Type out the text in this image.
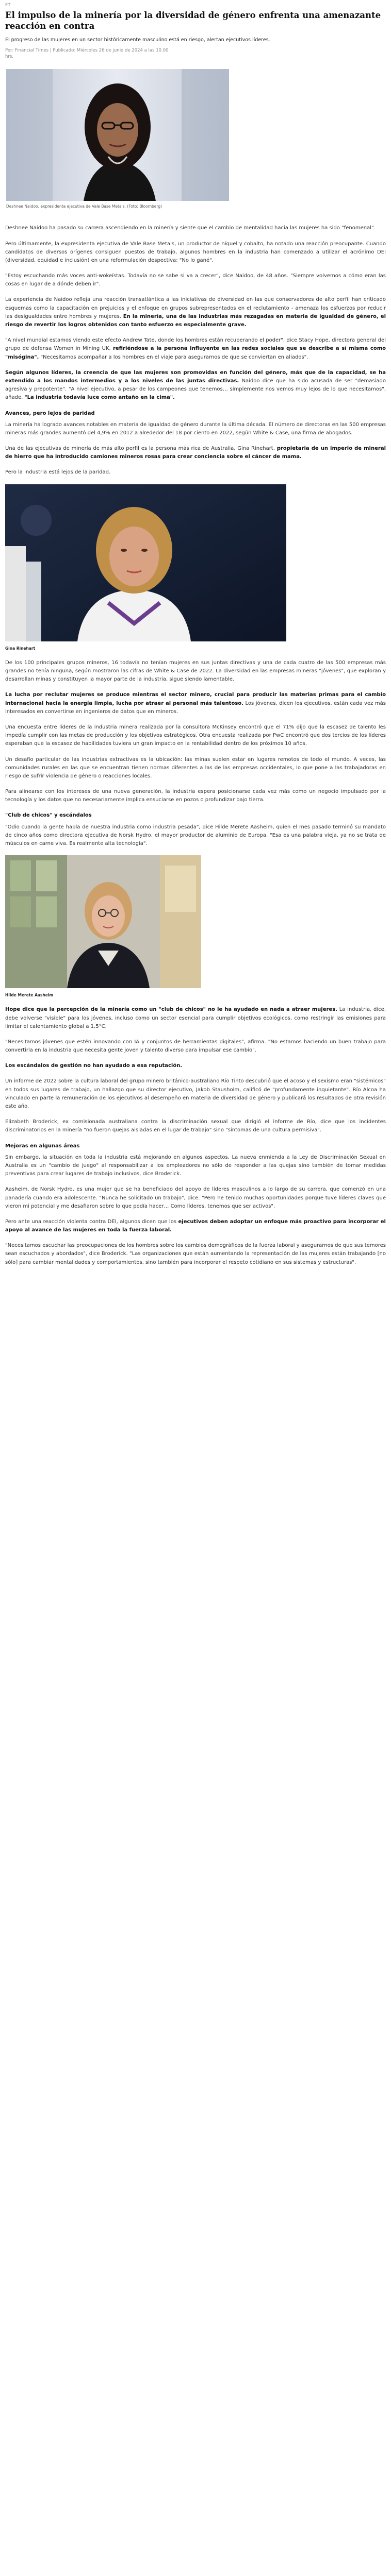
ET
El impulso de la minería por la diversidad de género enfrenta una amenazante reacción en contra

El progreso de las mujeres en un sector históricamente masculino está en riesgo, alertan ejecutivos líderes.

Por: Financial Times | Publicado: Miércoles 26 de junio de 2024 a las 10.00 hrs.

Deshnee Naidoo, expresidenta ejecutiva de Vale Base Metals. (Foto: Bloomberg)

Deshnee Naidoo ha pasado su carrera ascendiendo en la minería y siente que el cambio de mentalidad hacia las mujeres ha sido "fenomenal".

Pero últimamente, la expresidenta ejecutiva de Vale Base Metals, un productor de níquel y cobalto, ha notado una reacción preocupante. Cuando candidatos de diversos orígenes consiguen puestos de trabajo, algunos hombres en la industria han comenzado a utilizar el acrónimo DEI (diversidad, equidad e inclusión) en una reformulación despectiva: "No lo gané".

"Estoy escuchando más voces anti-wokeístas. Todavía no se sabe si va a crecer", dice Naidoo, de 48 años. "Siempre volvemos a cómo eran las cosas en lugar de a dónde deben ir".

La experiencia de Naidoo refleja una reacción transatlántica a las iniciativas de diversidad en las que conservadores de alto perfil han criticado esquemas como la capacitación en prejuicios y el enfoque en grupos subrepresentados en el reclutamiento - amenaza los esfuerzos por reducir las desigualdades entre hombres y mujeres. En la minería, una de las industrias más rezagadas en materia de igualdad de género, el riesgo de revertir los logros obtenidos con tanto esfuerzo es especialmente grave.

"A nivel mundial estamos viendo este efecto Andrew Tate, donde los hombres están recuperando el poder", dice Stacy Hope, directora general del grupo de defensa Women in Mining UK, refiriéndose a la persona influyente en las redes sociales que se describe a sí misma como "misógina". "Necesitamos acompañar a los hombres en el viaje para asegurarnos de que se conviertan en aliados".

Según algunos líderes, la creencia de que las mujeres son promovidas en función del género, más que de la capacidad, se ha extendido a los mandos intermedios y a los niveles de las juntas directivas. Naidoo dice que ha sido acusada de ser "demasiado agresiva y prepotente". "A nivel ejecutivo, a pesar de los campeones que tenemos… simplemente nos vemos muy lejos de lo que necesitamos", añade. "La industria todavía luce como antaño en la cima".

Avances, pero lejos de paridad

La minería ha logrado avances notables en materia de igualdad de género durante la última década. El número de directoras en las 500 empresas mineras más grandes aumentó del 4,9% en 2012 a alrededor del 18 por ciento en 2022, según White & Case, una firma de abogados.

Una de las ejecutivas de minería de más alto perfil es la persona más rica de Australia, Gina Rinehart, propietaria de un imperio de mineral de hierro que ha introducido camiones mineros rosas para crear conciencia sobre el cáncer de mama.

Pero la industria está lejos de la paridad.

Gina Rinehart

De los 100 principales grupos mineros, 16 todavía no tenían mujeres en sus juntas directivas y una de cada cuatro de las 500 empresas más grandes no tenía ninguna, según mostraron las cifras de White & Case de 2022. La diversidad en las empresas mineras "jóvenes", que exploran y desarrollan minas y constituyen la mayor parte de la industria, sigue siendo lamentable.

La lucha por reclutar mujeres se produce mientras el sector minero, crucial para producir las materias primas para el cambio internacional hacia la energía limpia, lucha por atraer al personal más talentoso. Los jóvenes, dicen los ejecutivos, están cada vez más interesados en convertirse en ingenieros de datos que en mineros.

Una encuesta entre líderes de la industria minera realizada por la consultora McKinsey encontró que el 71% dijo que la escasez de talento les impedía cumplir con las metas de producción y los objetivos estratégicos. Otra encuesta realizada por PwC encontró que dos tercios de los líderes esperaban que la escasez de habilidades tuviera un gran impacto en la rentabilidad dentro de los próximos 10 años.

Un desafío particular de las industrias extractivas es la ubicación: las minas suelen estar en lugares remotos de todo el mundo. A veces, las comunidades rurales en las que se encuentran tienen normas diferentes a las de las empresas occidentales, lo que pone a las trabajadoras en riesgo de sufrir violencia de género o reacciones locales.

Para alinearse con los intereses de una nueva generación, la industria espera posicionarse cada vez más como un negocio impulsado por la tecnología y los datos que no necesariamente implica ensuciarse en pozos o profundizar bajo tierra.

"Club de chicos" y escándalos

"Odio cuando la gente habla de nuestra industria como industria pesada", dice Hilde Merete Aasheim, quien el mes pasado terminó su mandato de cinco años como directora ejecutiva de Norsk Hydro, el mayor productor de aluminio de Europa. "Esa es una palabra vieja, ya no se trata de músculos en carne viva. Es realmente alta tecnología".

Hilde Merete Aasheim

Hope dice que la percepción de la minería como un "club de chicos" no le ha ayudado en nada a atraer mujeres. La industria, dice, debe volverse "visible" para los jóvenes, incluso como un sector esencial para cumplir objetivos ecológicos, como restringir las emisiones para limitar el calentamiento global a 1,5°C.

"Necesitamos jóvenes que estén innovando con IA y conjuntos de herramientas digitales", afirma. "No estamos haciendo un buen trabajo para convertirla en la industria que necesita gente joven y talento diverso para impulsar ese cambio".

Los escándalos de gestión no han ayudado a esa reputación.

Un informe de 2022 sobre la cultura laboral del grupo minero británico-australiano Río Tinto descubrió que el acoso y el sexismo eran "sistémicos" en todos sus lugares de trabajo, un hallazgo que su director ejecutivo, Jakob Stausholm, calificó de "profundamente inquietante". Río Alcoa ha vinculado en parte la remuneración de los ejecutivos al desempeño en materia de diversidad de género y publicará los resultados de otra revisión este año.

Elizabeth Broderick, ex comisionada australiana contra la discriminación sexual que dirigió el informe de Río, dice que los incidentes discriminatorios en la minería "no fueron quejas aisladas en el lugar de trabajo" sino "síntomas de una cultura permisiva".

Mejoras en algunas áreas

Sin embargo, la situación en toda la industria está mejorando en algunos aspectos. La nueva enmienda a la Ley de Discriminación Sexual en Australia es un "cambio de juego" al responsabilizar a los empleadores no sólo de responder a las quejas sino también de tomar medidas preventivas para crear lugares de trabajo inclusivos, dice Broderick.

Aasheim, de Norsk Hydro, es una mujer que se ha beneficiado del apoyo de líderes masculinos a lo largo de su carrera, que comenzó en una panadería cuando era adolescente. "Nunca he solicitado un trabajo", dice. "Pero he tenido muchas oportunidades porque tuve líderes claves que vieron mi potencial y me desafiaron sobre lo que podía hacer… Como líderes, tenemos que ser activos".

Pero ante una reacción violenta contra DEI, algunos dicen que los ejecutivos deben adoptar un enfoque más proactivo para incorporar el apoyo al avance de las mujeres en toda la fuerza laboral.

"Necesitamos escuchar las preocupaciones de los hombres sobre los cambios demográficos de la fuerza laboral y asegurarnos de que sus temores sean escuchados y abordados", dice Broderick. "Las organizaciones que están aumentando la representación de las mujeres están trabajando [no sólo] para cambiar mentalidades y comportamientos, sino también para incorporar el respeto cotidiano en sus sistemas y estructuras".
